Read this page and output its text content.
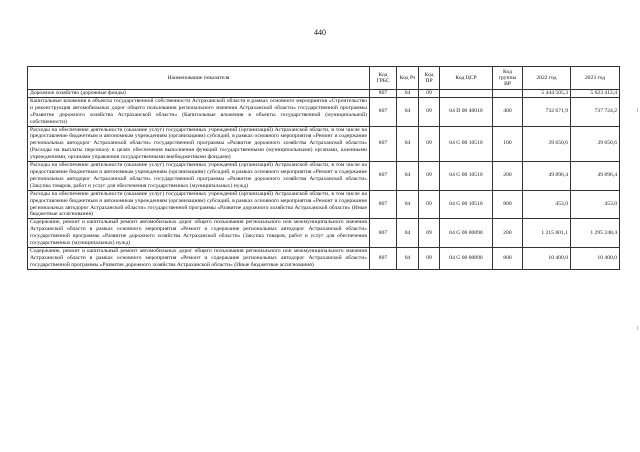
440
Наименование показателя	Код ГРБС	Код Рз	Код ПР	Код ЦСР	Код группы ВР	2022 год	2023 год
Дорожное хозяйство (дорожные фонды)	807	04	09			5 444 505,3	5 623 412,4
Капитальные вложения в объекты государственной собственности Астраханской области в рамках основного мероприятия «Строительство и реконструкция автомобильных дорог общего пользования регионального значения Астраханской области» государственной программы «Развитие дорожного хозяйства Астраханской области» (Капитальные вложения в объекты государственной (муниципальной) собственности)	807	04	09	04 D 00 40010	400	732 671,9	737 724,2
Расходы на обеспечение деятельности (оказание услуг) государственных учреждений (организаций) Астраханской области, в том числе на предоставление бюджетным и автономным учреждениям (организациям) субсидий, в рамках основного мероприятия «Ремонт и содержание региональных автодорог Астраханской области» государственной программы «Развитие дорожного хозяйства Астраханской области» (Расходы на выплаты персоналу в целях обеспечения выполнения функций государственными (муниципальными) органами, казенными учреждениями, органами управления государственными внебюджетными фондами)	807	04	09	04 G 00 10510	100	39 650,6	39 650,6
Расходы на обеспечение деятельности (оказание услуг) государственных учреждений (организаций) Астраханской области, в том числе на предоставление бюджетным и автономным учреждениям (организациям) субсидий, в рамках основного мероприятия «Ремонт и содержание региональных автодорог Астраханской области» государственной программы «Развитие дорожного хозяйства Астраханской области» (Закупка товаров, работ и услуг для обеспечения государственных (муниципальных) нужд)	807	04	09	04 G 00 10510	200	49 896,4	49 896,4
Расходы на обеспечение деятельности (оказание услуг) государственных учреждений (организаций) Астраханской области, в том числе на предоставление бюджетным и автономным учреждениям (организациям) субсидий, в рамках основного мероприятия «Ремонт и содержание региональных автодорог Астраханской области» государственной программы «Развитие дорожного хозяйства Астраханской области» (Иные бюджетные ассигнования)	807	04	09	04 G 00 10510	800	453,0	453,0
Содержание, ремонт и капитальный ремонт автомобильных дорог общего пользования регионального или межмуниципального значения Астраханской области в рамках основного мероприятия «Ремонт и содержание региональных автодорог Астраханской области» государственной программы «Развитие дорожного хозяйства Астраханской области» (Закупка товаров, работ и услуг для обеспечения государственных (муниципальных) нужд)	807	04	09	04 G 00 80890	200	1 215 801,1	1 295 248,4
Содержание, ремонт и капитальный ремонт автомобильных дорог общего пользования регионального или межмуниципального значения Астраханской области в рамках основного мероприятия «Ремонт и содержание региональных автодорог Астраханской области» государственной программы «Развитие дорожного хозяйства Астраханской области» (Иные бюджетные ассигнования)	807	04	09	04 G 00 80890	800	10 400,0	10 400,0
